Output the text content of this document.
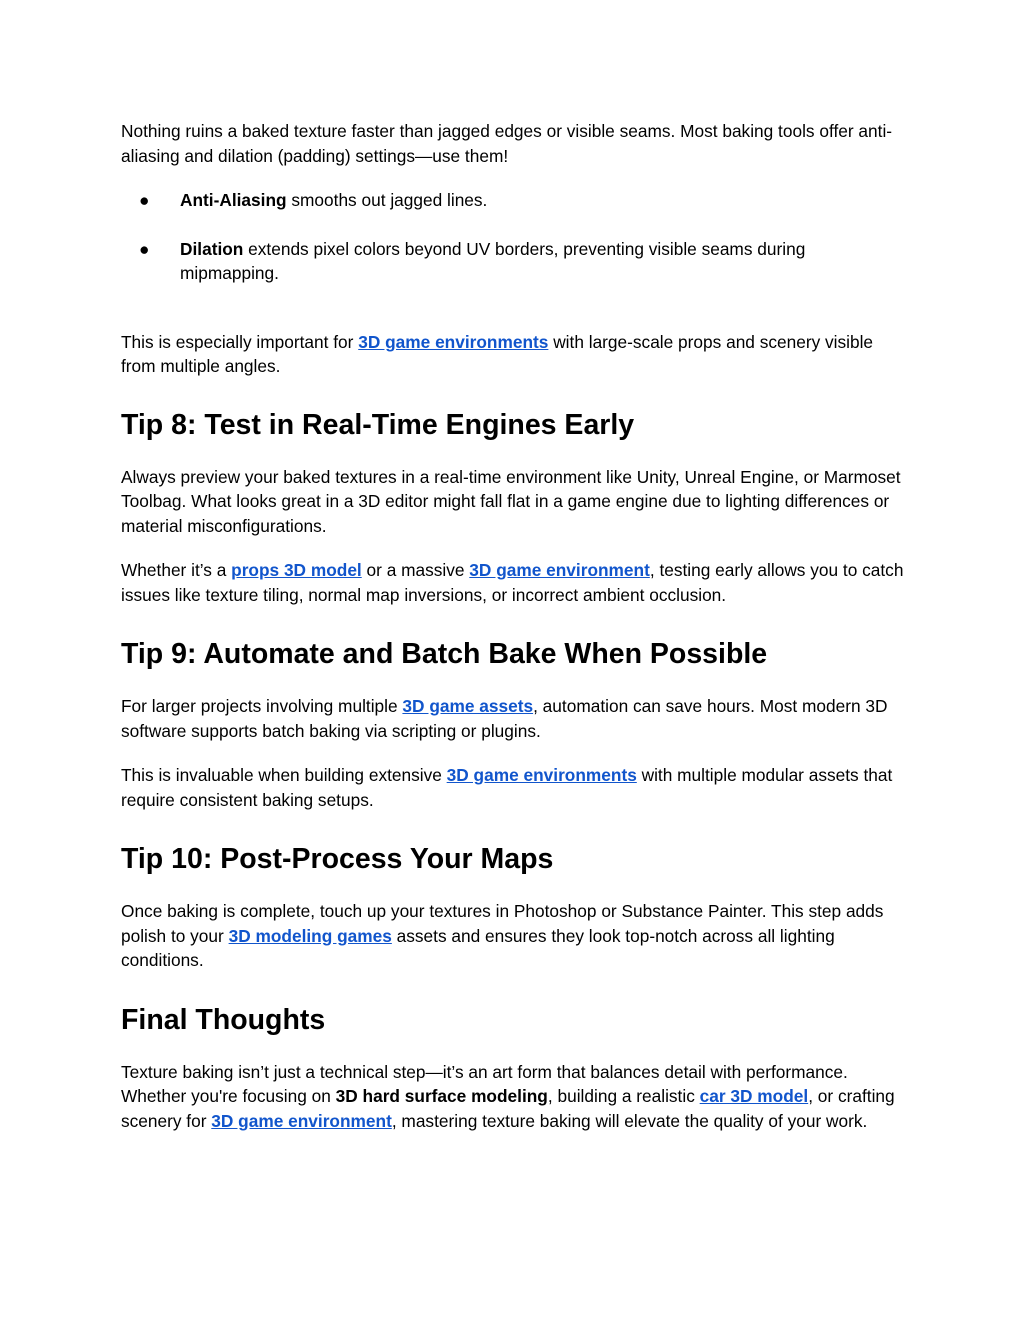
Nothing ruins a baked texture faster than jagged edges or visible seams. Most baking tools offer anti-aliasing and dilation (padding) settings—use them!

● Anti-Aliasing smooths out jagged lines.
● Dilation extends pixel colors beyond UV borders, preventing visible seams during mipmapping.

This is especially important for 3D game environments with large-scale props and scenery visible from multiple angles.

Tip 8: Test in Real-Time Engines Early

Always preview your baked textures in a real-time environment like Unity, Unreal Engine, or Marmoset Toolbag. What looks great in a 3D editor might fall flat in a game engine due to lighting differences or material misconfigurations.

Whether it’s a props 3D model or a massive 3D game environment, testing early allows you to catch issues like texture tiling, normal map inversions, or incorrect ambient occlusion.

Tip 9: Automate and Batch Bake When Possible

For larger projects involving multiple 3D game assets, automation can save hours. Most modern 3D software supports batch baking via scripting or plugins.

This is invaluable when building extensive 3D game environments with multiple modular assets that require consistent baking setups.

Tip 10: Post-Process Your Maps

Once baking is complete, touch up your textures in Photoshop or Substance Painter. This step adds polish to your 3D modeling games assets and ensures they look top-notch across all lighting conditions.

Final Thoughts

Texture baking isn’t just a technical step—it’s an art form that balances detail with performance. Whether you're focusing on 3D hard surface modeling, building a realistic car 3D model, or crafting scenery for 3D game environment, mastering texture baking will elevate the quality of your work.
